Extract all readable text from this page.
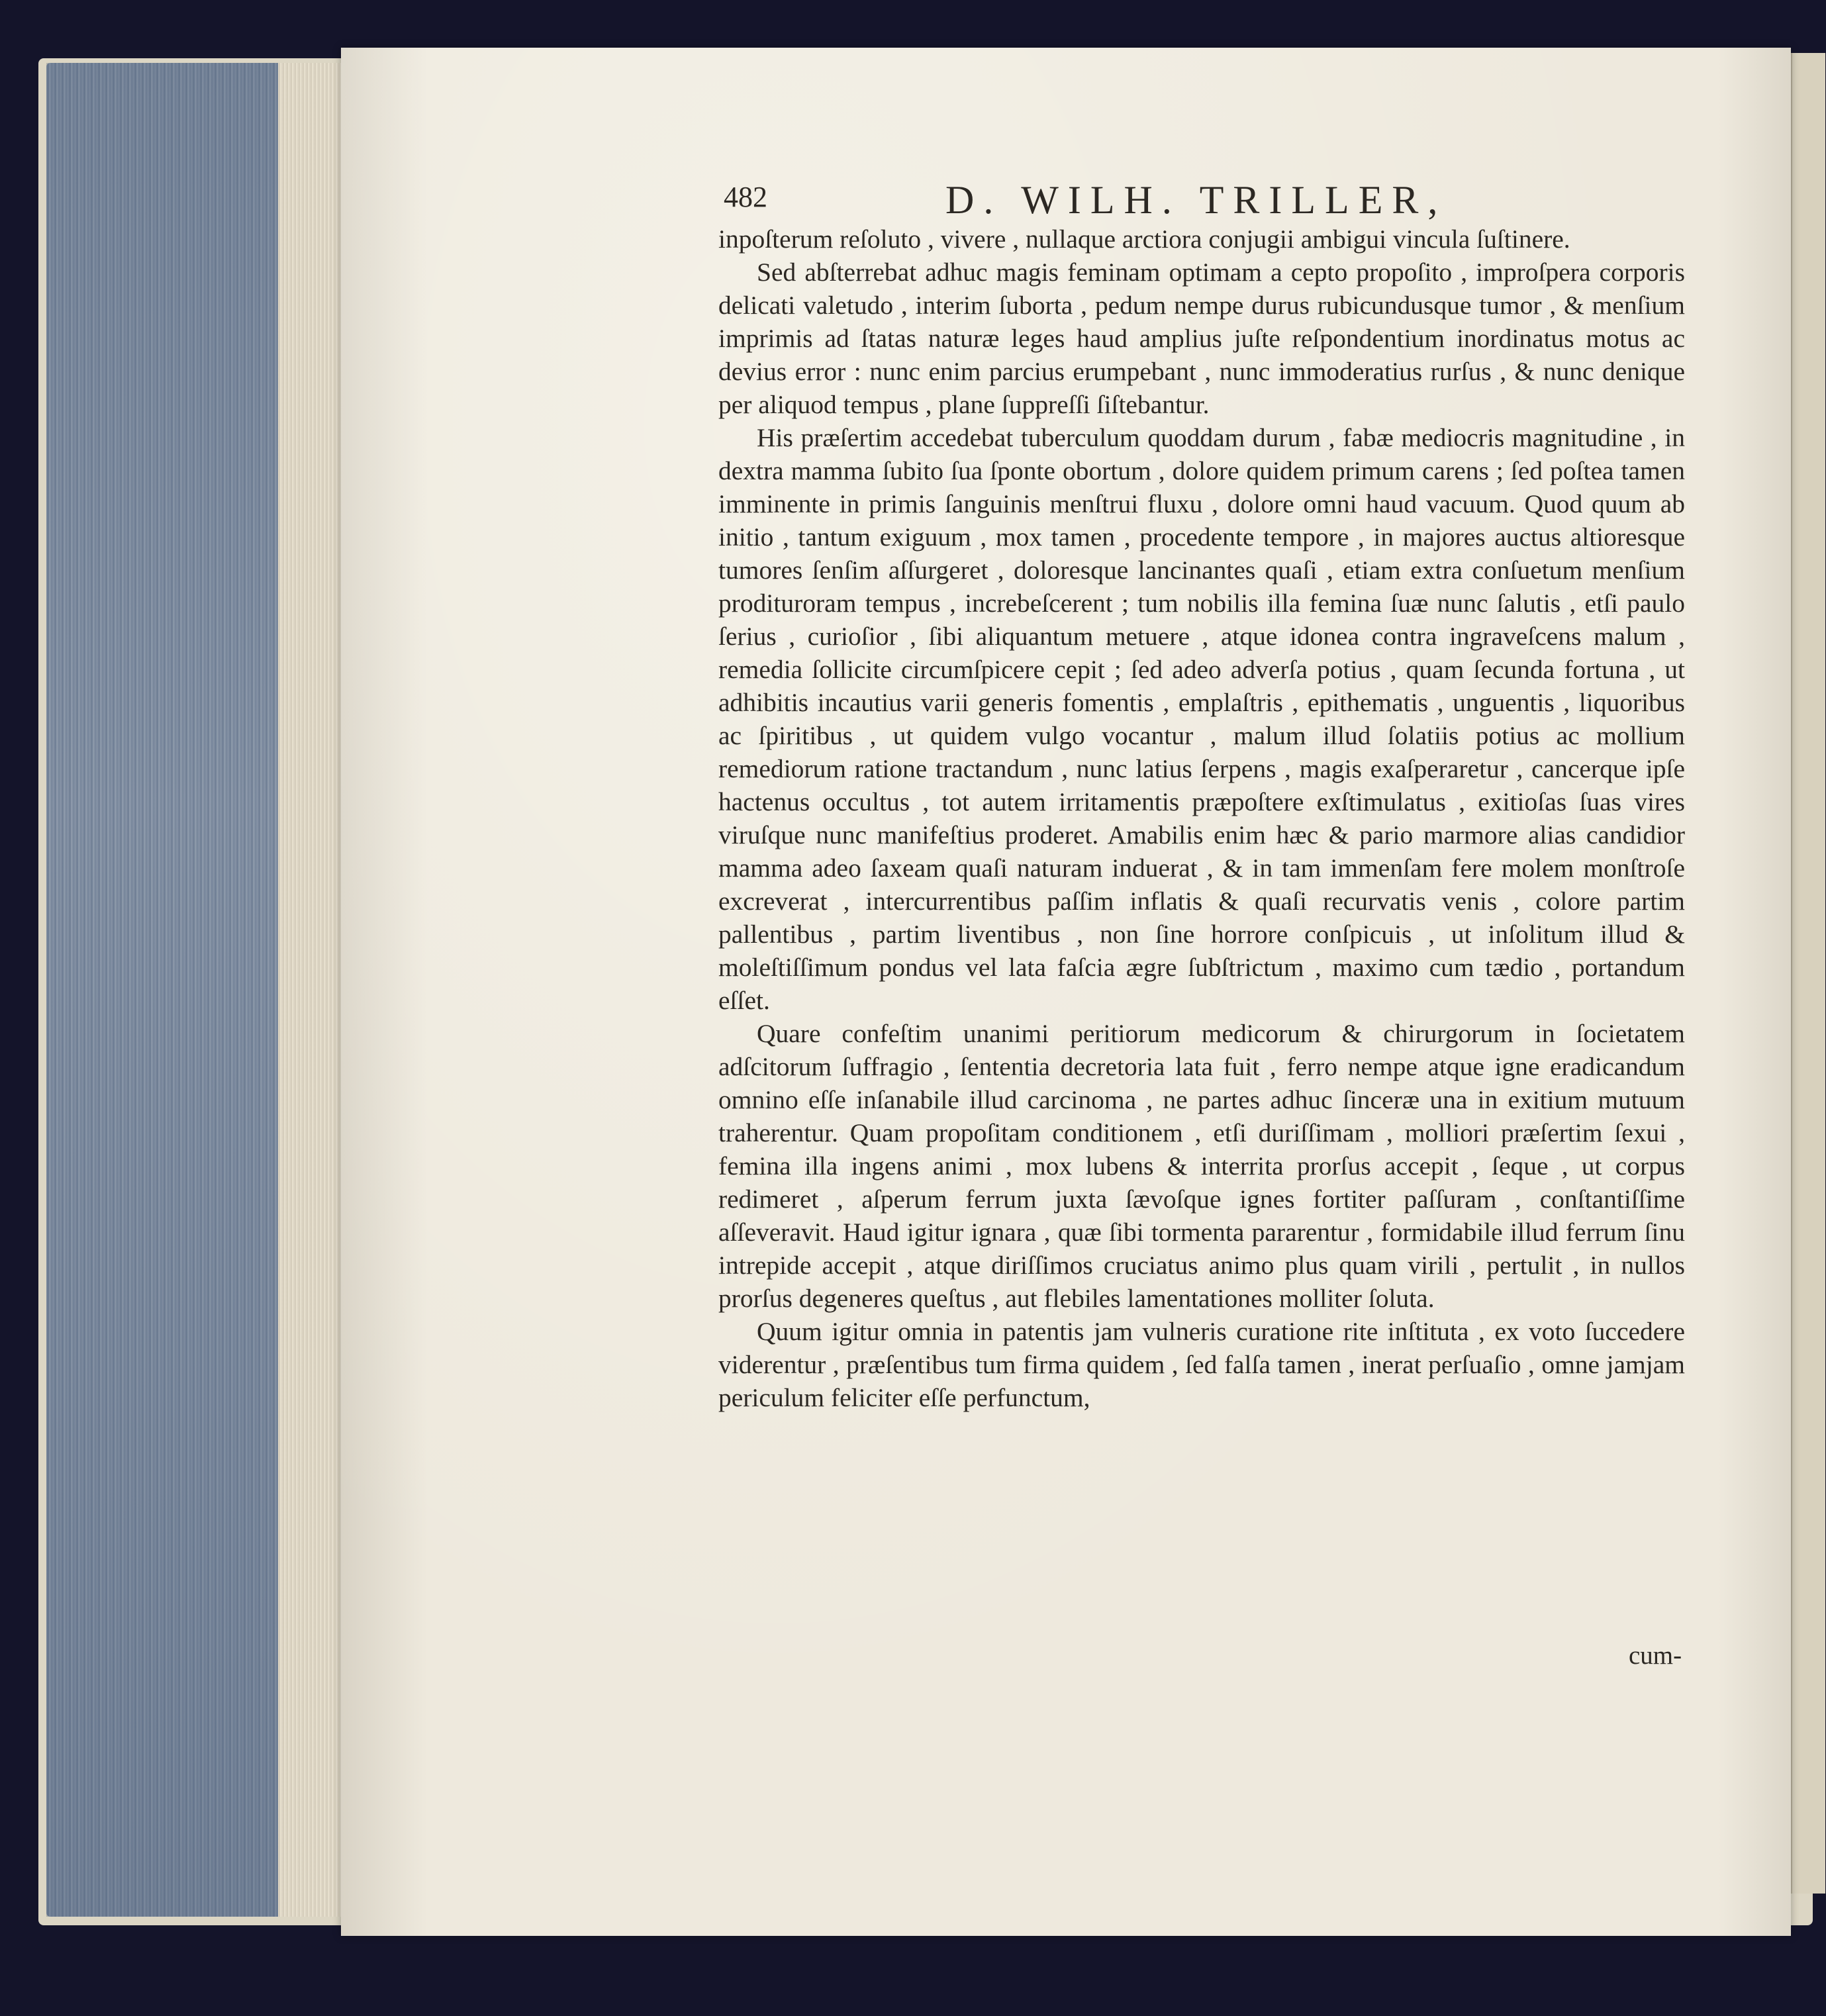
482	D. WILH. TRILLER,

inpoſterum reſoluto , vivere , nullaque arctiora conjugii ambigui vincula ſuſtinere.

Sed abſterrebat adhuc magis feminam optimam a cepto propoſito , improſpera corporis delicati valetudo , interim ſuborta , pedum nempe durus rubicundusque tumor , & menſium imprimis ad ſtatas naturæ leges haud amplius juſte reſpondentium inordinatus motus ac devius error : nunc enim parcius erumpebant , nunc immoderatius rurſus , & nunc denique per aliquod tempus , plane ſuppreſſi ſiſtebantur.

His præſertim accedebat tuberculum quoddam durum , fabæ mediocris magnitudine , in dextra mamma ſubito ſua ſponte obortum , dolore quidem primum carens ; ſed poſtea tamen imminente in primis ſanguinis menſtrui fluxu , dolore omni haud vacuum. Quod quum ab initio , tantum exiguum , mox tamen , procedente tempore , in majores auctus altioresque tumores ſenſim aſſurgeret , doloresque lancinantes quaſi , etiam extra conſuetum menſium prodituroram tempus , increbeſcerent ; tum nobilis illa femina ſuæ nunc ſalutis , etſi paulo ſerius , curioſior , ſibi aliquantum metuere , atque idonea contra ingraveſcens malum , remedia ſollicite circumſpicere cepit ; ſed adeo adverſa potius , quam ſecunda fortuna , ut adhibitis incautius varii generis fomentis , emplaſtris , epithematis , unguentis , liquoribus ac ſpiritibus , ut quidem vulgo vocantur , malum illud ſolatiis potius ac mollium remediorum ratione tractandum , nunc latius ſerpens , magis exaſperaretur , cancerque ipſe hactenus occultus , tot autem irritamentis præpoſtere exſtimulatus , exitioſas ſuas vires viruſque nunc manifeſtius proderet. Amabilis enim hæc & pario marmore alias candidior mamma adeo ſaxeam quaſi naturam induerat , & in tam immenſam fere molem monſtroſe excreverat , intercurrentibus paſſim inflatis & quaſi recurvatis venis , colore partim pallentibus , partim liventibus , non ſine horrore conſpicuis , ut inſolitum illud & moleſtiſſimum pondus vel lata faſcia ægre ſubſtrictum , maximo cum tædio , portandum eſſet.

Quare confeſtim unanimi peritiorum medicorum & chirurgorum in ſocietatem adſcitorum ſuffragio , ſententia decretoria lata fuit , ferro nempe atque igne eradicandum omnino eſſe inſanabile illud carcinoma , ne partes adhuc ſinceræ una in exitium mutuum traherentur. Quam propoſitam conditionem , etſi duriſſimam , molliori præſertim ſexui , femina illa ingens animi , mox lubens & interrita prorſus accepit , ſeque , ut corpus redimeret , aſperum ferrum juxta ſævoſque ignes fortiter paſſuram , conſtantiſſime aſſeveravit. Haud igitur ignara , quæ ſibi tormenta pararentur , formidabile illud ferrum ſinu intrepide accepit , atque diriſſimos cruciatus animo plus quam virili , pertulit , in nullos prorſus degeneres queſtus , aut flebiles lamentationes molliter ſoluta.

Quum igitur omnia in patentis jam vulneris curatione rite inſtituta , ex voto ſuccedere viderentur , præſentibus tum firma quidem , ſed falſa tamen , inerat perſuaſio , omne jamjam periculum feliciter eſſe perfunctum,

cum-
